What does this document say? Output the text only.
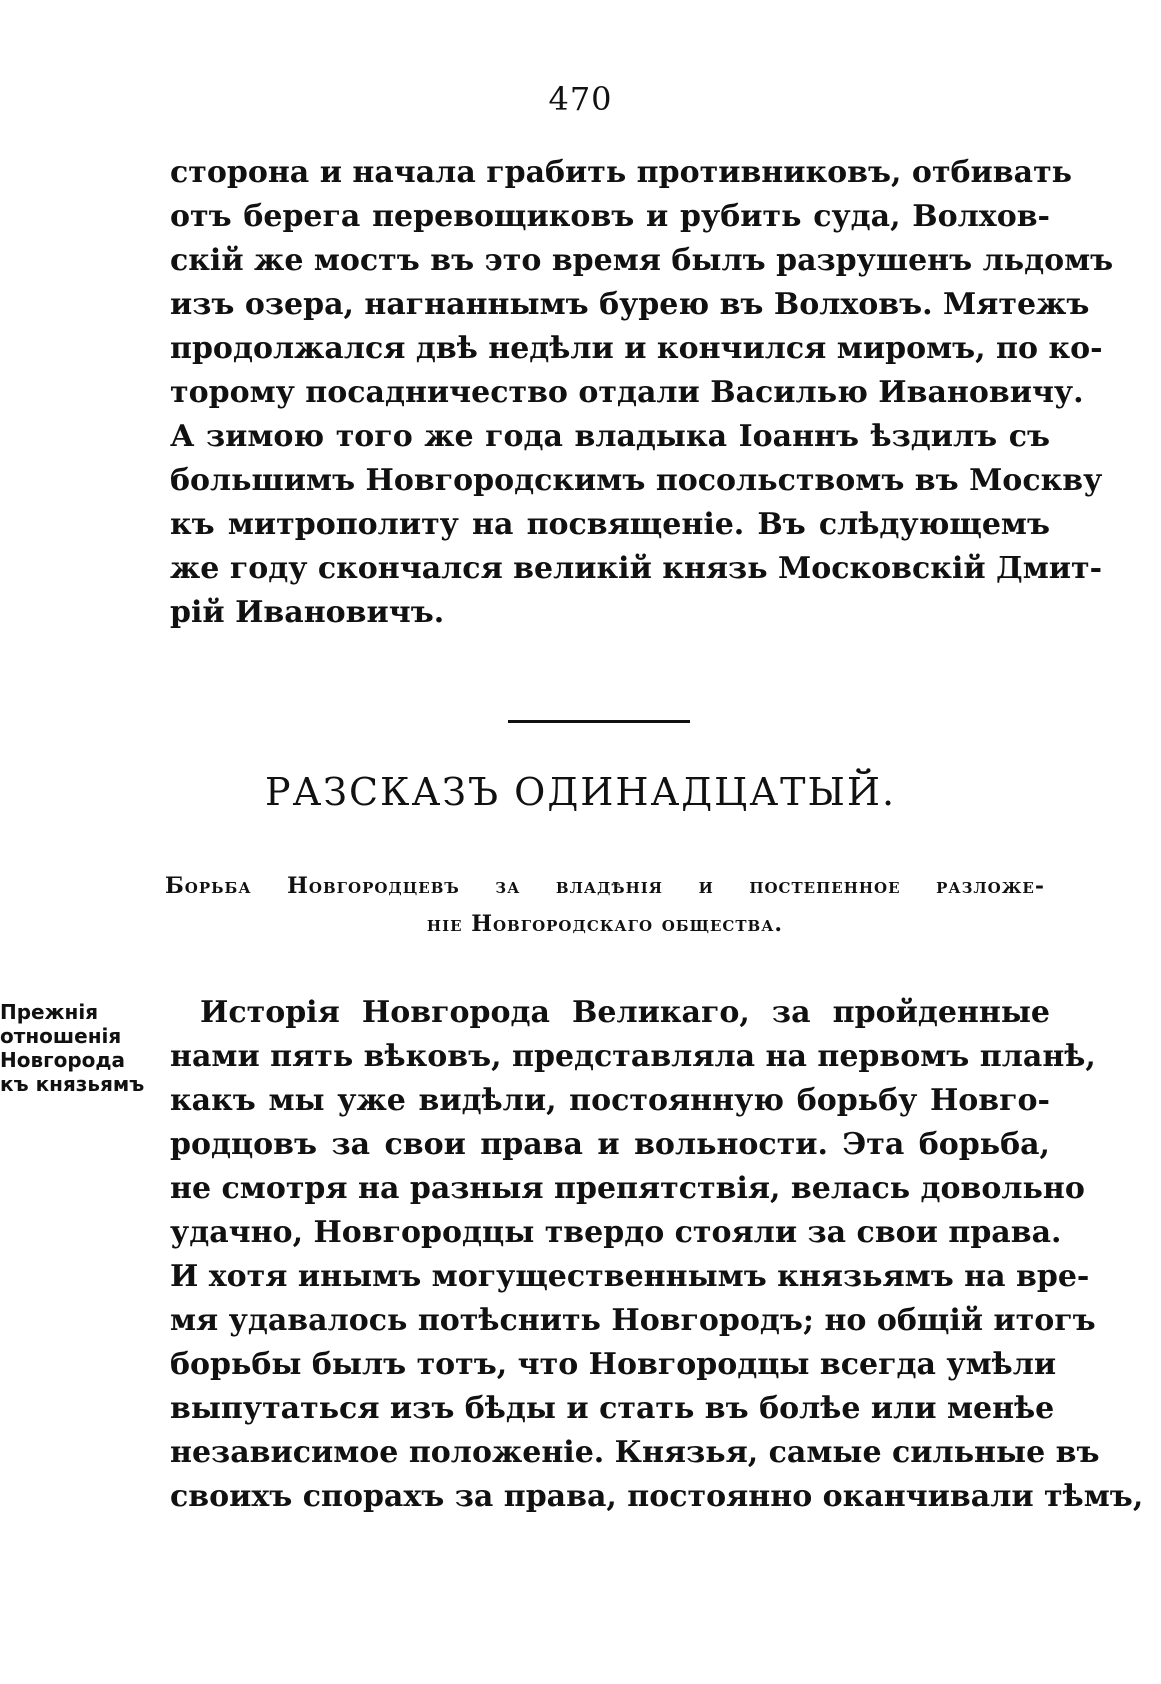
470
сторона и начала грабить противниковъ, отбивать
отъ берега перевощиковъ и рубить суда, Волхов-
скій же мостъ въ это время былъ разрушенъ льдомъ
изъ озера, нагнаннымъ бурею въ Волховъ. Мятежъ
продолжался двѣ недѣли и кончился миромъ, по ко-
торому посадничество отдали Василью Ивановичу.
А зимою того же года владыка Іоаннъ ѣздилъ съ
большимъ Новгородскимъ посольствомъ въ Москву
къ митрополиту на посвященіе. Въ слѣдующемъ
же году скончался великій князь Московскій Дмит-
рій Ивановичъ.
РАЗСКАЗЪ ОДИНАДЦАТЫЙ.
Борьба Новгородцевъ за владѣнія и постепенное разложе-
ніе Новгородскаго общества.
Прежнія
отношенія
Новгорода
къ князьямъ
Исторія Новгорода Великаго, за пройденные
нами пять вѣковъ, представляла на первомъ планѣ,
какъ мы уже видѣли, постоянную борьбу Новго-
родцовъ за свои права и вольности. Эта борьба,
не смотря на разныя препятствія, велась довольно
удачно, Новгородцы твердо стояли за свои права.
И хотя инымъ могущественнымъ князьямъ на вре-
мя удавалось потѣснить Новгородъ; но общій итогъ
борьбы былъ тотъ, что Новгородцы всегда умѣли
выпутаться изъ бѣды и стать въ болѣе или менѣе
независимое положеніе. Князья, самые сильные въ
своихъ спорахъ за права, постоянно оканчивали тѣмъ,
